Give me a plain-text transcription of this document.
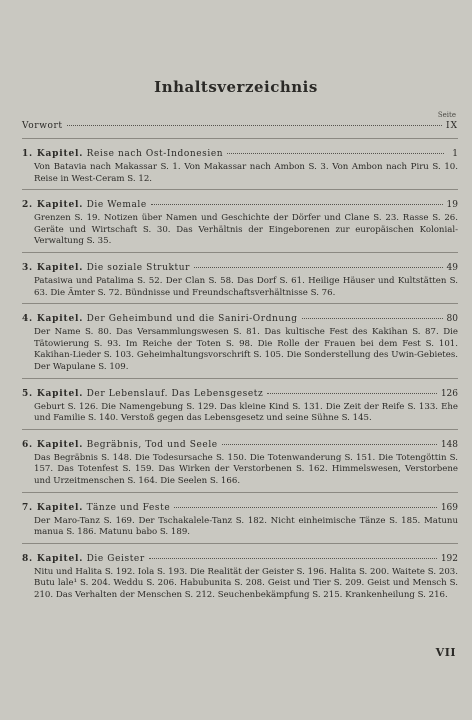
Inhaltsverzeichnis
Seite
Vorwort	IX
1. Kapitel. Reise nach Ost-Indonesien	1
Von Batavia nach Makassar S. 1. Von Makassar nach Ambon S. 3. Von Ambon nach Piru S. 10. Reise in West-Ceram S. 12.
2. Kapitel. Die Wemale	19
Grenzen S. 19. Notizen über Namen und Geschichte der Dörfer und Clane S. 23. Rasse S. 26. Geräte und Wirtschaft S. 30. Das Verhältnis der Eingeborenen zur europäischen Kolonial-Verwaltung S. 35.
3. Kapitel. Die soziale Struktur	49
Patasiwa und Patalima S. 52. Der Clan S. 58. Das Dorf S. 61. Heilige Häuser und Kultstätten S. 63. Die Ämter S. 72. Bündnisse und Freundschaftsverhältnisse S. 76.
4. Kapitel. Der Geheimbund und die Saniri-Ordnung	80
Der Name S. 80. Das Versammlungswesen S. 81. Das kultische Fest des Kakihan S. 87. Die Tätowierung S. 93. Im Reiche der Toten S. 98. Die Rolle der Frauen bei dem Fest S. 101. Kakihan-Lieder S. 103. Geheimhaltungsvorschrift S. 105. Die Sonderstellung des Uwin-Gebietes. Der Wapulane S. 109.
5. Kapitel. Der Lebenslauf. Das Lebensgesetz	126
Geburt S. 126. Die Namengebung S. 129. Das kleine Kind S. 131. Die Zeit der Reife S. 133. Ehe und Familie S. 140. Verstoß gegen das Lebensgesetz und seine Sühne S. 145.
6. Kapitel. Begräbnis, Tod und Seele	148
Das Begräbnis S. 148. Die Todesursache S. 150. Die Totenwanderung S. 151. Die Totengöttin S. 157. Das Totenfest S. 159. Das Wirken der Verstorbenen S. 162. Himmelswesen, Verstorbene und Urzeitmenschen S. 164. Die Seelen S. 166.
7. Kapitel. Tänze und Feste	169
Der Maro-Tanz S. 169. Der Tschakalele-Tanz S. 182. Nicht einheimische Tänze S. 185. Matunu manua S. 186. Matunu babo S. 189.
8. Kapitel. Die Geister	192
Nitu und Halita S. 192. Iola S. 193. Die Realität der Geister S. 196. Halita S. 200. Waitete S. 203. Butu lale¹ S. 204. Weddu S. 206. Habubunita S. 208. Geist und Tier S. 209. Geist und Mensch S. 210. Das Verhalten der Menschen S. 212. Seuchenbekämpfung S. 215. Krankenheilung S. 216.
VII
